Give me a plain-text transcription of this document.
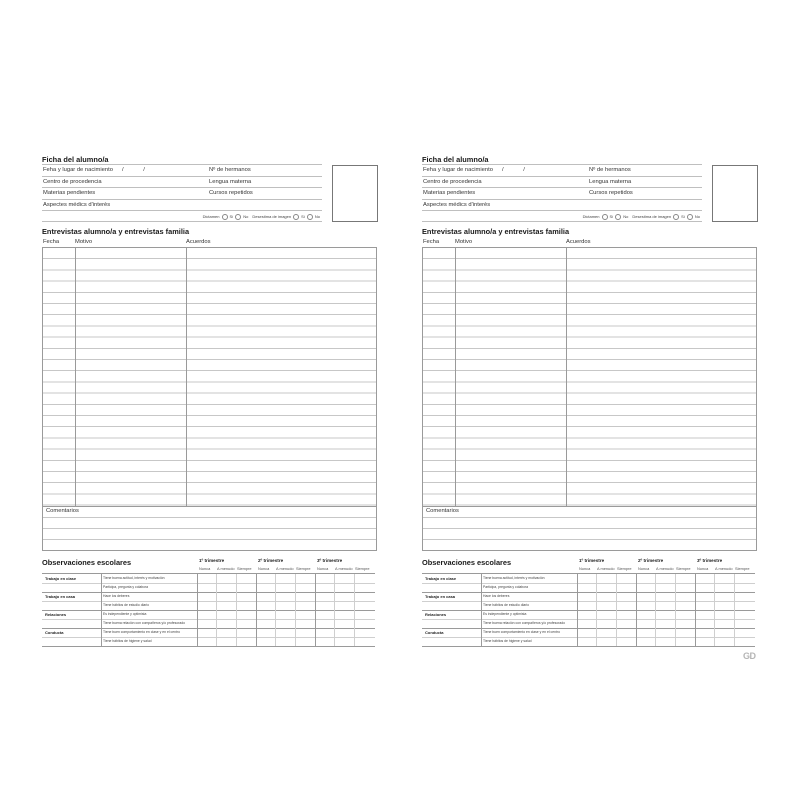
Ficha del alumno/a
Feha y lugar de nacimiento / /	Nº de hermanos
Centro de procedencia	Lengua materna
Materias pendientes	Cursos repetidos
Aspectes médics d'interès
Dictamen	Sí	No Desestima de imagen	Sí	No
Entrevistas alumno/a y entrevistas familia
Fecha	Motivo	Acuerdos
Comentarios
Observaciones escolares	1º trimestre	2º trimestre	3º trimestre
Nunca A menudo Siempre Nunca A menudo Siempre Nunca A menudo Siempre
Trabajo en clase	Tiene buena actitud, interés y motivación
Participa, pregunta y colabora
Trabajo en casa	Hace los deberes
Tiene hábitos de estudio diario
Relaciones	Es independiente y optimista
Tiene buena relación con compañeros y/o profesorado
Conducta	Tiene buen comportamiento en clase y en el centro
Tiene hábitos de higiene y salud
Ficha del alumno/a
Feha y lugar de nacimiento / /	Nº de hermanos
Centro de procedencia	Lengua materna
Materias pendientes	Cursos repetidos
Aspectes médics d'interès
Dictamen	Sí	No Desestima de imagen	Sí	No
Entrevistas alumno/a y entrevistas familia
Fecha	Motivo	Acuerdos
Comentarios
Observaciones escolares	1º trimestre	2º trimestre	3º trimestre
Nunca A menudo Siempre Nunca A menudo Siempre Nunca A menudo Siempre
Trabajo en clase	Tiene buena actitud, interés y motivación
Participa, pregunta y colabora
Trabajo en casa	Hace los deberes
Tiene hábitos de estudio diario
Relaciones	Es independiente y optimista
Tiene buena relación con compañeros y/o profesorado
Conducta	Tiene buen comportamiento en clase y en el centro
Tiene hábitos de higiene y salud
GD
